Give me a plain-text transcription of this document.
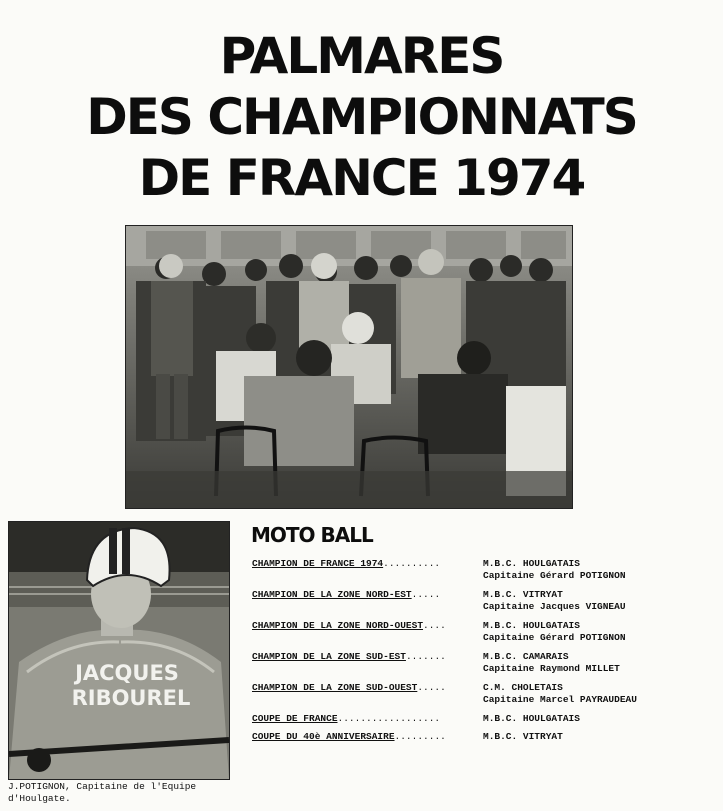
PALMARES
DES CHAMPIONNATS
DE FRANCE 1974
JACQUES
RIBOUREL
J.POTIGNON, Capitaine de l'Equipe
d'Houlgate.
MOTO BALL
CHAMPION DE FRANCE 1974..........	M.B.C. HOULGATAIS
Capitaine Gérard POTIGNON
CHAMPION DE LA ZONE NORD-EST.....	M.B.C. VITRYAT
Capitaine Jacques VIGNEAU
CHAMPION DE LA ZONE NORD-OUEST....	M.B.C. HOULGATAIS
Capitaine Gérard POTIGNON
CHAMPION DE LA ZONE SUD-EST.......	M.B.C. CAMARAIS
Capitaine Raymond MILLET
CHAMPION DE LA ZONE SUD-OUEST.....	C.M. CHOLETAIS
Capitaine Marcel PAYRAUDEAU
COUPE DE FRANCE..................	M.B.C. HOULGATAIS
COUPE DU 40è ANNIVERSAIRE.........	M.B.C. VITRYAT
